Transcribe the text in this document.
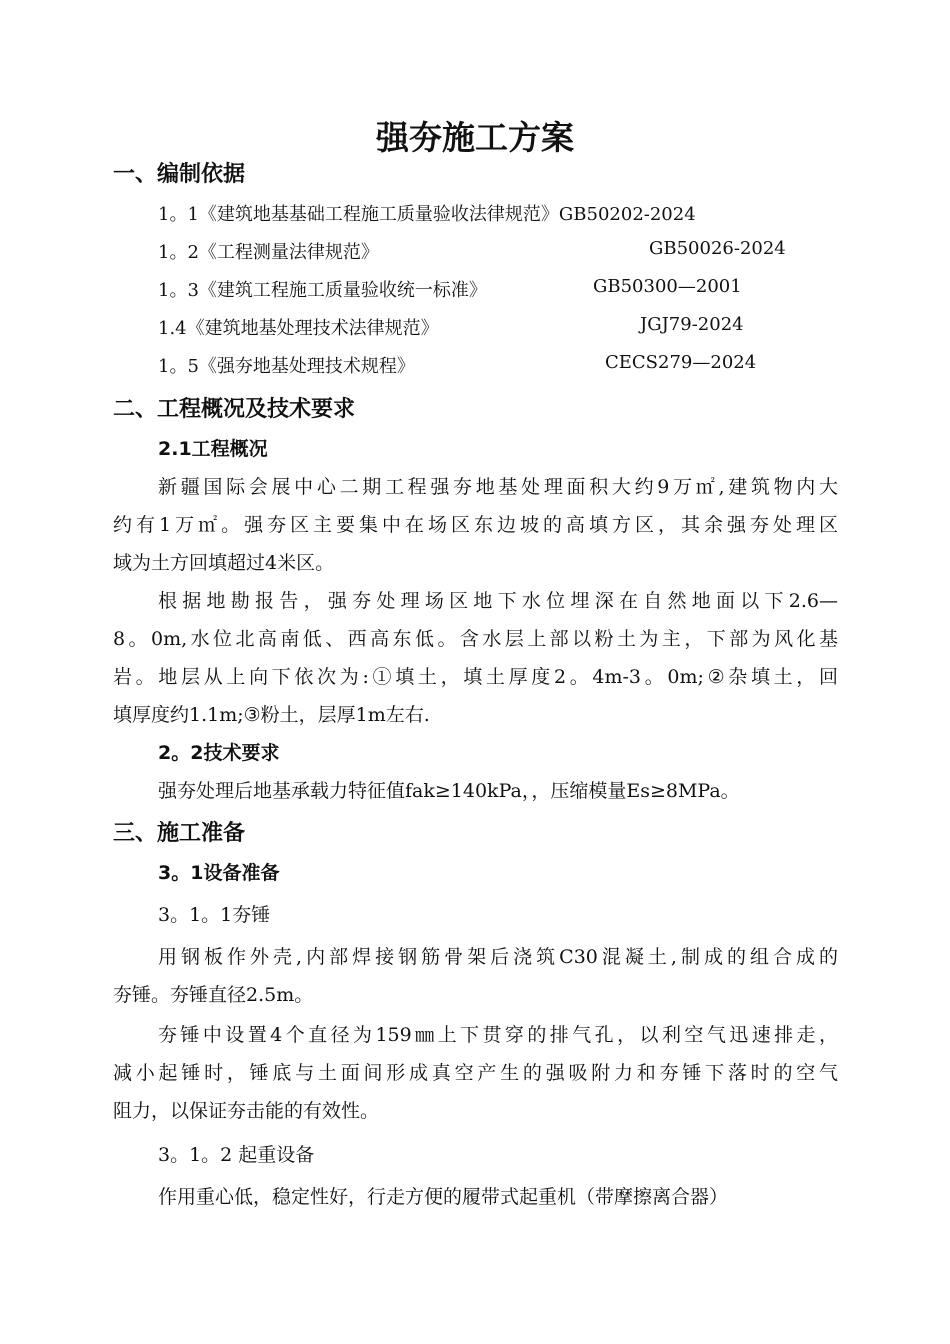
强夯施工方案
一、编制依据
1。1《建筑地基基础工程施工质量验收法律规范》GB50202-2024
1。2《工程测量法律规范》	GB50026-2024
1。3《建筑工程施工质量验收统一标准》	GB50300—2001
1.4《建筑地基处理技术法律规范》	JGJ79-2024
1。5《强夯地基处理技术规程》	CECS279—2024
二、工程概况及技术要求
2.1工程概况
新疆国际会展中心二期工程强夯地基处理面积大约9万㎡,建筑物内大
约有1万㎡。强夯区主要集中在场区东边坡的高填方区，其余强夯处理区
域为土方回填超过4米区。
根据地勘报告，强夯处理场区地下水位埋深在自然地面以下2.6—
8。0m,水位北高南低、西高东低。含水层上部以粉土为主，下部为风化基
岩。地层从上向下依次为:①填土，填土厚度2。4m-3。0m;②杂填土，回
填厚度约1.1m;③粉土，层厚1m左右.
2。2技术要求
强夯处理后地基承载力特征值fak≥140kPa，，压缩模量Es≥8MPa。
三、施工准备
3。1设备准备
3。1。1夯锤
用钢板作外壳,内部焊接钢筋骨架后浇筑C30混凝土,制成的组合成的
夯锤。夯锤直径2.5m。
夯锤中设置4个直径为159㎜上下贯穿的排气孔，以利空气迅速排走，
减小起锤时，锤底与土面间形成真空产生的强吸附力和夯锤下落时的空气
阻力，以保证夯击能的有效性。
3。1。2 起重设备
作用重心低，稳定性好，行走方便的履带式起重机（带摩擦离合器）
